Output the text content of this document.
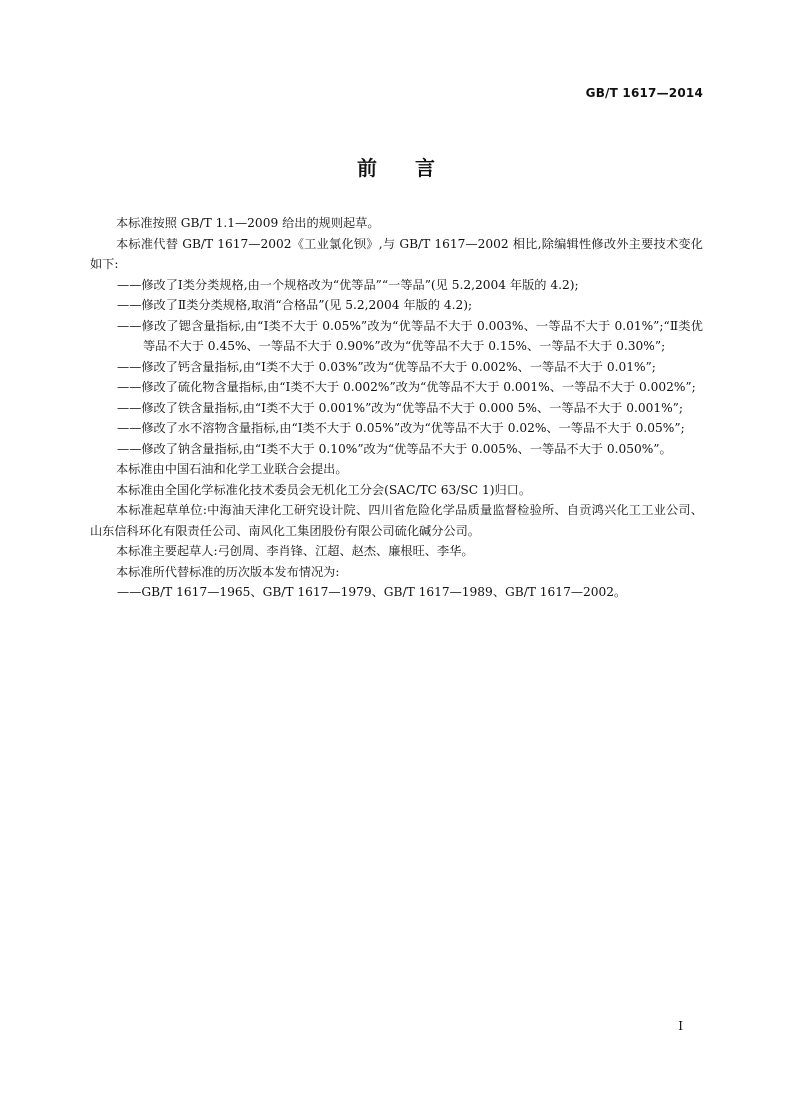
GB/T 1617—2014
前言

本标准按照 GB/T 1.1—2009 给出的规则起草。

本标准代替 GB/T 1617—2002《工业氯化钡》,与 GB/T 1617—2002 相比,除编辑性修改外主要技术变化如下:

——修改了Ⅰ类分类规格,由一个规格改为“优等品”“一等品”(见 5.2,2004 年版的 4.2);

——修改了Ⅱ类分类规格,取消“合格品”(见 5.2,2004 年版的 4.2);

——修改了锶含量指标,由“Ⅰ类不大于 0.05%”改为“优等品不大于 0.003%、一等品不大于 0.01%”;“Ⅱ类优等品不大于 0.45%、一等品不大于 0.90%”改为“优等品不大于 0.15%、一等品不大于 0.30%”;

——修改了钙含量指标,由“Ⅰ类不大于 0.03%”改为“优等品不大于 0.002%、一等品不大于 0.01%”;

——修改了硫化物含量指标,由“Ⅰ类不大于 0.002%”改为“优等品不大于 0.001%、一等品不大于 0.002%”;

——修改了铁含量指标,由“Ⅰ类不大于 0.001%”改为“优等品不大于 0.000 5%、一等品不大于 0.001%”;

——修改了水不溶物含量指标,由“Ⅰ类不大于 0.05%”改为“优等品不大于 0.02%、一等品不大于 0.05%”;

——修改了钠含量指标,由“Ⅰ类不大于 0.10%”改为“优等品不大于 0.005%、一等品不大于 0.050%”。

本标准由中国石油和化学工业联合会提出。

本标准由全国化学标准化技术委员会无机化工分会(SAC/TC 63/SC 1)归口。

本标准起草单位:中海油天津化工研究设计院、四川省危险化学品质量监督检验所、自贡鸿兴化工工业公司、山东信科环化有限责任公司、南风化工集团股份有限公司硫化碱分公司。

本标准主要起草人:弓创周、李肖锋、江超、赵杰、廉根旺、李华。

本标准所代替标准的历次版本发布情况为:

——GB/T 1617—1965、GB/T 1617—1979、GB/T 1617—1989、GB/T 1617—2002。

I
